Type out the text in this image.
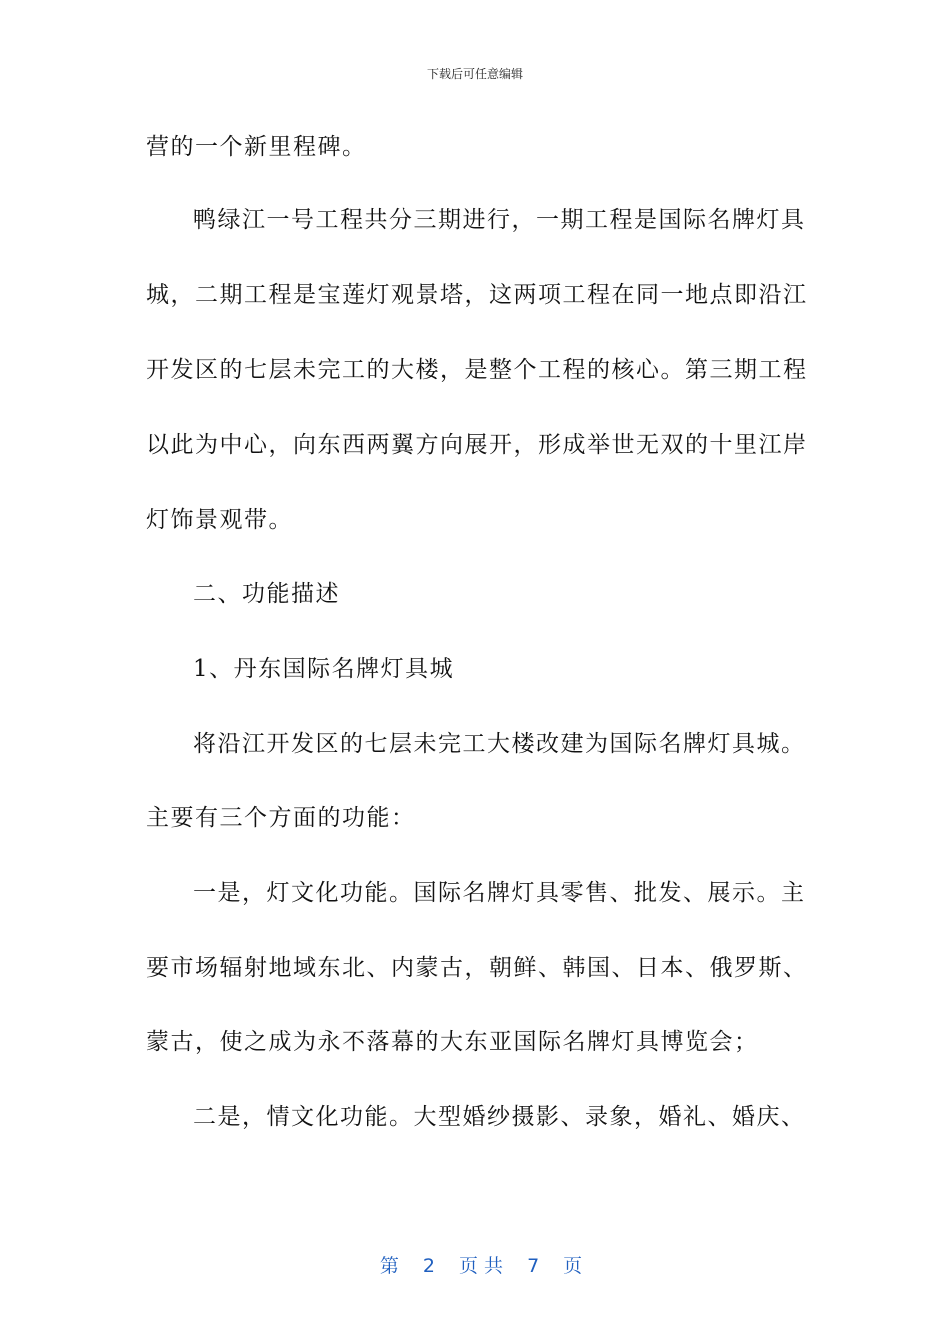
下载后可任意编辑
营的一个新里程碑。
鸭绿江一号工程共分三期进行，一期工程是国际名牌灯具
城，二期工程是宝莲灯观景塔，这两项工程在同一地点即沿江
开发区的七层未完工的大楼，是整个工程的核心。第三期工程
以此为中心，向东西两翼方向展开，形成举世无双的十里江岸
灯饰景观带。
二、功能描述
1、丹东国际名牌灯具城
将沿江开发区的七层未完工大楼改建为国际名牌灯具城。
主要有三个方面的功能：
一是，灯文化功能。国际名牌灯具零售、批发、展示。主
要市场辐射地域东北、内蒙古，朝鲜、韩国、日本、俄罗斯、
蒙古，使之成为永不落幕的大东亚国际名牌灯具博览会；
二是，情文化功能。大型婚纱摄影、录象，婚礼、婚庆、

第 2 页 共 7 页
